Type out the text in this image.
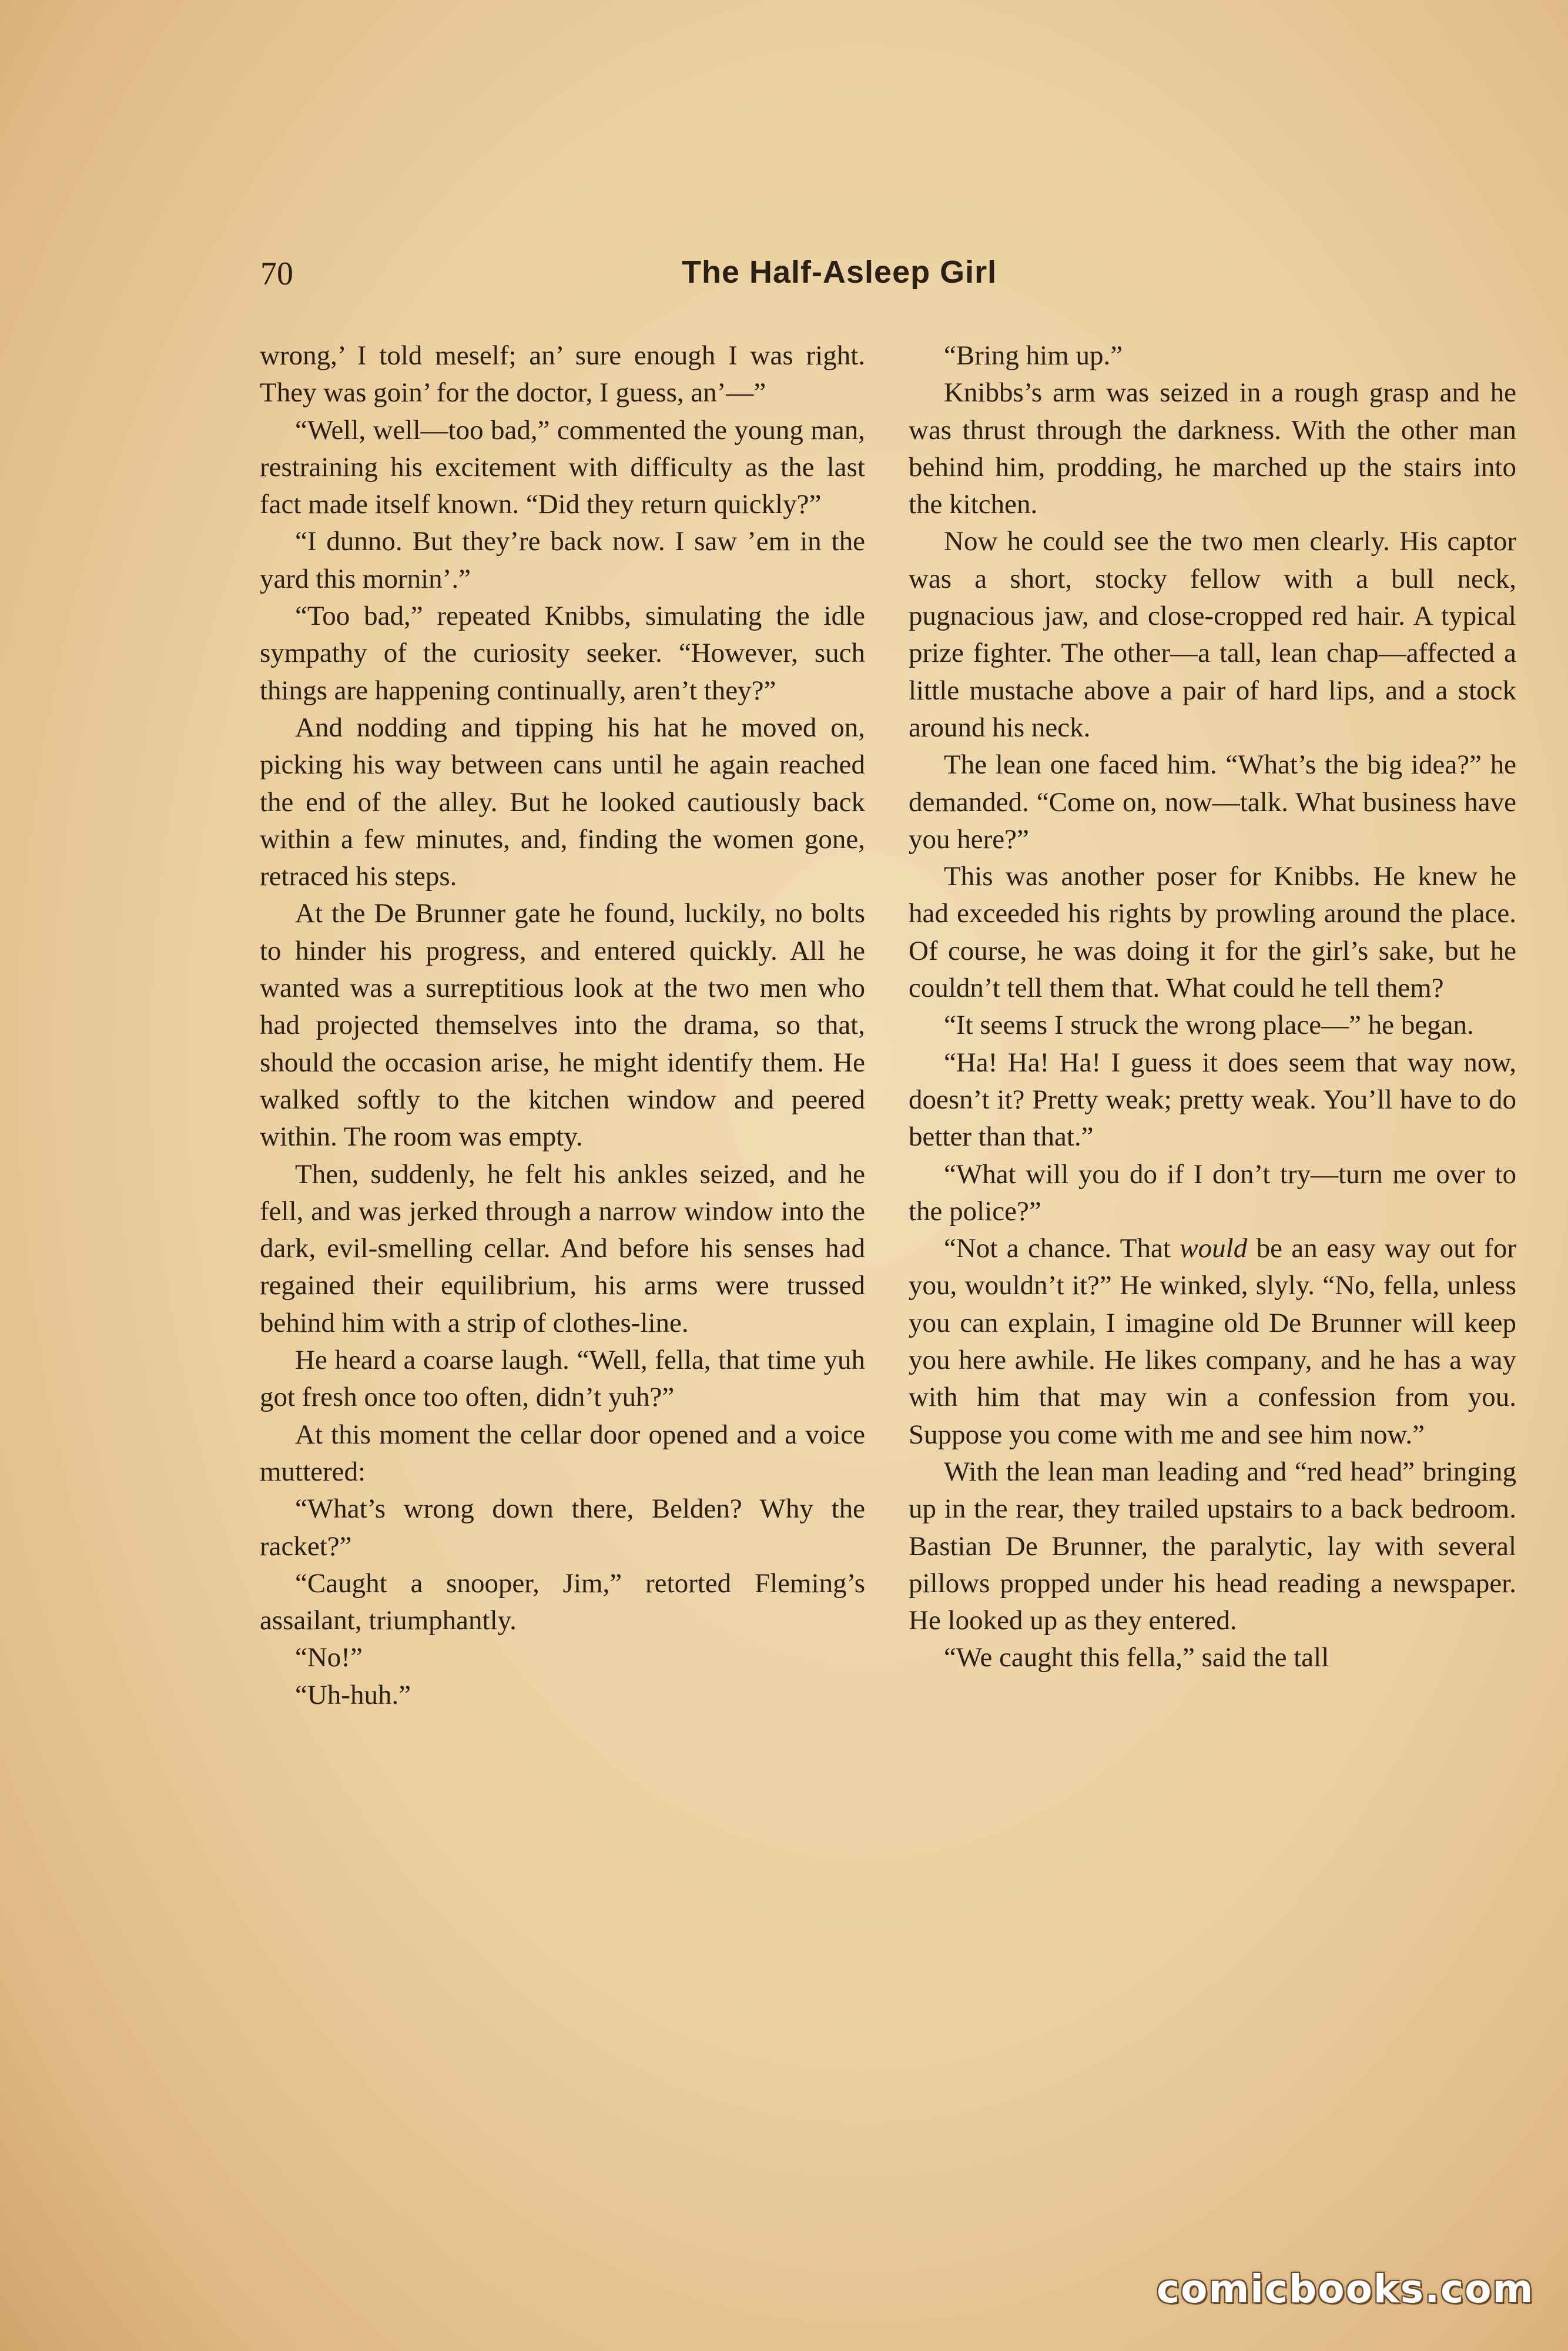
70	The Half-Asleep Girl

wrong,’ I told meself; an’ sure enough I was right. They was goin’ for the doctor, I guess, an’—”

“Well, well—too bad,” commented the young man, restraining his excitement with difficulty as the last fact made itself known. “Did they return quickly?”

“I dunno. But they’re back now. I saw ’em in the yard this mornin’.”

“Too bad,” repeated Knibbs, simulating the idle sympathy of the curiosity seeker. “However, such things are happening continually, aren’t they?”

And nodding and tipping his hat he moved on, picking his way between cans until he again reached the end of the alley. But he looked cautiously back within a few minutes, and, finding the women gone, retraced his steps.

At the De Brunner gate he found, luckily, no bolts to hinder his progress, and entered quickly. All he wanted was a surreptitious look at the two men who had projected themselves into the drama, so that, should the occasion arise, he might identify them. He walked softly to the kitchen window and peered within. The room was empty.

Then, suddenly, he felt his ankles seized, and he fell, and was jerked through a narrow window into the dark, evil-smelling cellar. And before his senses had regained their equilibrium, his arms were trussed behind him with a strip of clothes-line.

He heard a coarse laugh. “Well, fella, that time yuh got fresh once too often, didn’t yuh?”

At this moment the cellar door opened and a voice muttered:

“What’s wrong down there, Belden? Why the racket?”

“Caught a snooper, Jim,” retorted Fleming’s assailant, triumphantly.

“No!”

“Uh-huh.”

“Bring him up.”

Knibbs’s arm was seized in a rough grasp and he was thrust through the darkness. With the other man behind him, prodding, he marched up the stairs into the kitchen.

Now he could see the two men clearly. His captor was a short, stocky fellow with a bull neck, pugnacious jaw, and close-cropped red hair. A typical prize fighter. The other—a tall, lean chap—affected a little mustache above a pair of hard lips, and a stock around his neck.

The lean one faced him. “What’s the big idea?” he demanded. “Come on, now—talk. What business have you here?”

This was another poser for Knibbs. He knew he had exceeded his rights by prowling around the place. Of course, he was doing it for the girl’s sake, but he couldn’t tell them that. What could he tell them?

“It seems I struck the wrong place—” he began.

“Ha! Ha! Ha! I guess it does seem that way now, doesn’t it? Pretty weak; pretty weak. You’ll have to do better than that.”

“What will you do if I don’t try—turn me over to the police?”

“Not a chance. That would be an easy way out for you, wouldn’t it?” He winked, slyly. “No, fella, unless you can explain, I imagine old De Brunner will keep you here awhile. He likes company, and he has a way with him that may win a confession from you. Suppose you come with me and see him now.”

With the lean man leading and “red head” bringing up in the rear, they trailed upstairs to a back bedroom. Bastian De Brunner, the paralytic, lay with several pillows propped under his head reading a newspaper. He looked up as they entered.

“We caught this fella,” said the tall

comicbooks.com
